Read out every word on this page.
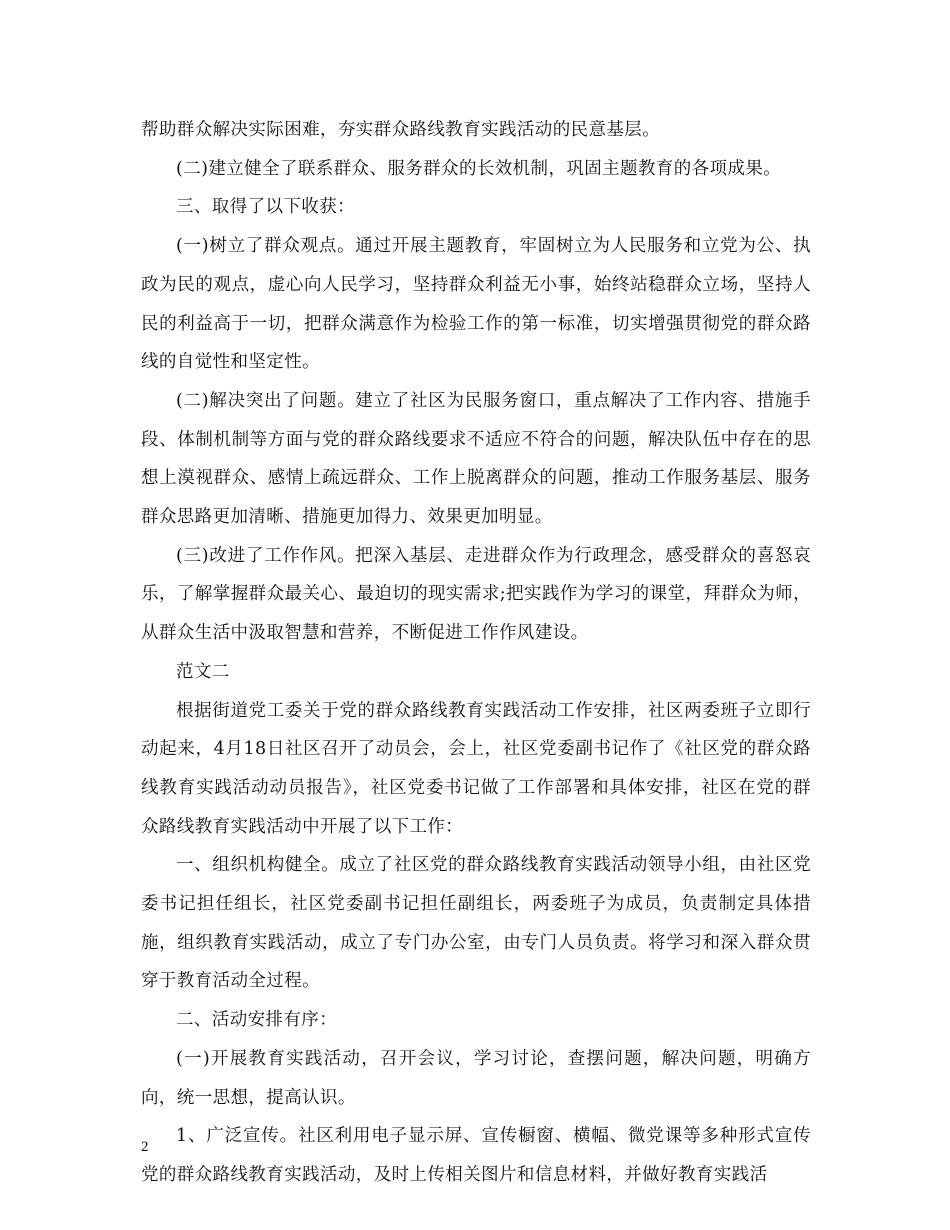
帮助群众解决实际困难，夯实群众路线教育实践活动的民意基层。

(二)建立健全了联系群众、服务群众的长效机制，巩固主题教育的各项成果。

三、取得了以下收获：

(一)树立了群众观点。通过开展主题教育，牢固树立为人民服务和立党为公、执政为民的观点，虚心向人民学习，坚持群众利益无小事，始终站稳群众立场，坚持人民的利益高于一切，把群众满意作为检验工作的第一标准，切实增强贯彻党的群众路线的自觉性和坚定性。

(二)解决突出了问题。建立了社区为民服务窗口，重点解决了工作内容、措施手段、体制机制等方面与党的群众路线要求不适应不符合的问题，解决队伍中存在的思想上漠视群众、感情上疏远群众、工作上脱离群众的问题，推动工作服务基层、服务群众思路更加清晰、措施更加得力、效果更加明显。

(三)改进了工作作风。把深入基层、走进群众作为行政理念，感受群众的喜怒哀乐，了解掌握群众最关心、最迫切的现实需求;把实践作为学习的课堂，拜群众为师，从群众生活中汲取智慧和营养，不断促进工作作风建设。

范文二

根据街道党工委关于党的群众路线教育实践活动工作安排，社区两委班子立即行动起来，4月18日社区召开了动员会，会上，社区党委副书记作了《社区党的群众路线教育实践活动动员报告》，社区党委书记做了工作部署和具体安排，社区在党的群众路线教育实践活动中开展了以下工作：

一、组织机构健全。成立了社区党的群众路线教育实践活动领导小组，由社区党委书记担任组长，社区党委副书记担任副组长，两委班子为成员，负责制定具体措施，组织教育实践活动，成立了专门办公室，由专门人员负责。将学习和深入群众贯穿于教育活动全过程。

二、活动安排有序：

(一)开展教育实践活动，召开会议，学习讨论，查摆问题，解决问题，明确方向，统一思想，提高认识。

1、广泛宣传。社区利用电子显示屏、宣传橱窗、横幅、微党课等多种形式宣传党的群众路线教育实践活动，及时上传相关图片和信息材料，并做好教育实践活

2
